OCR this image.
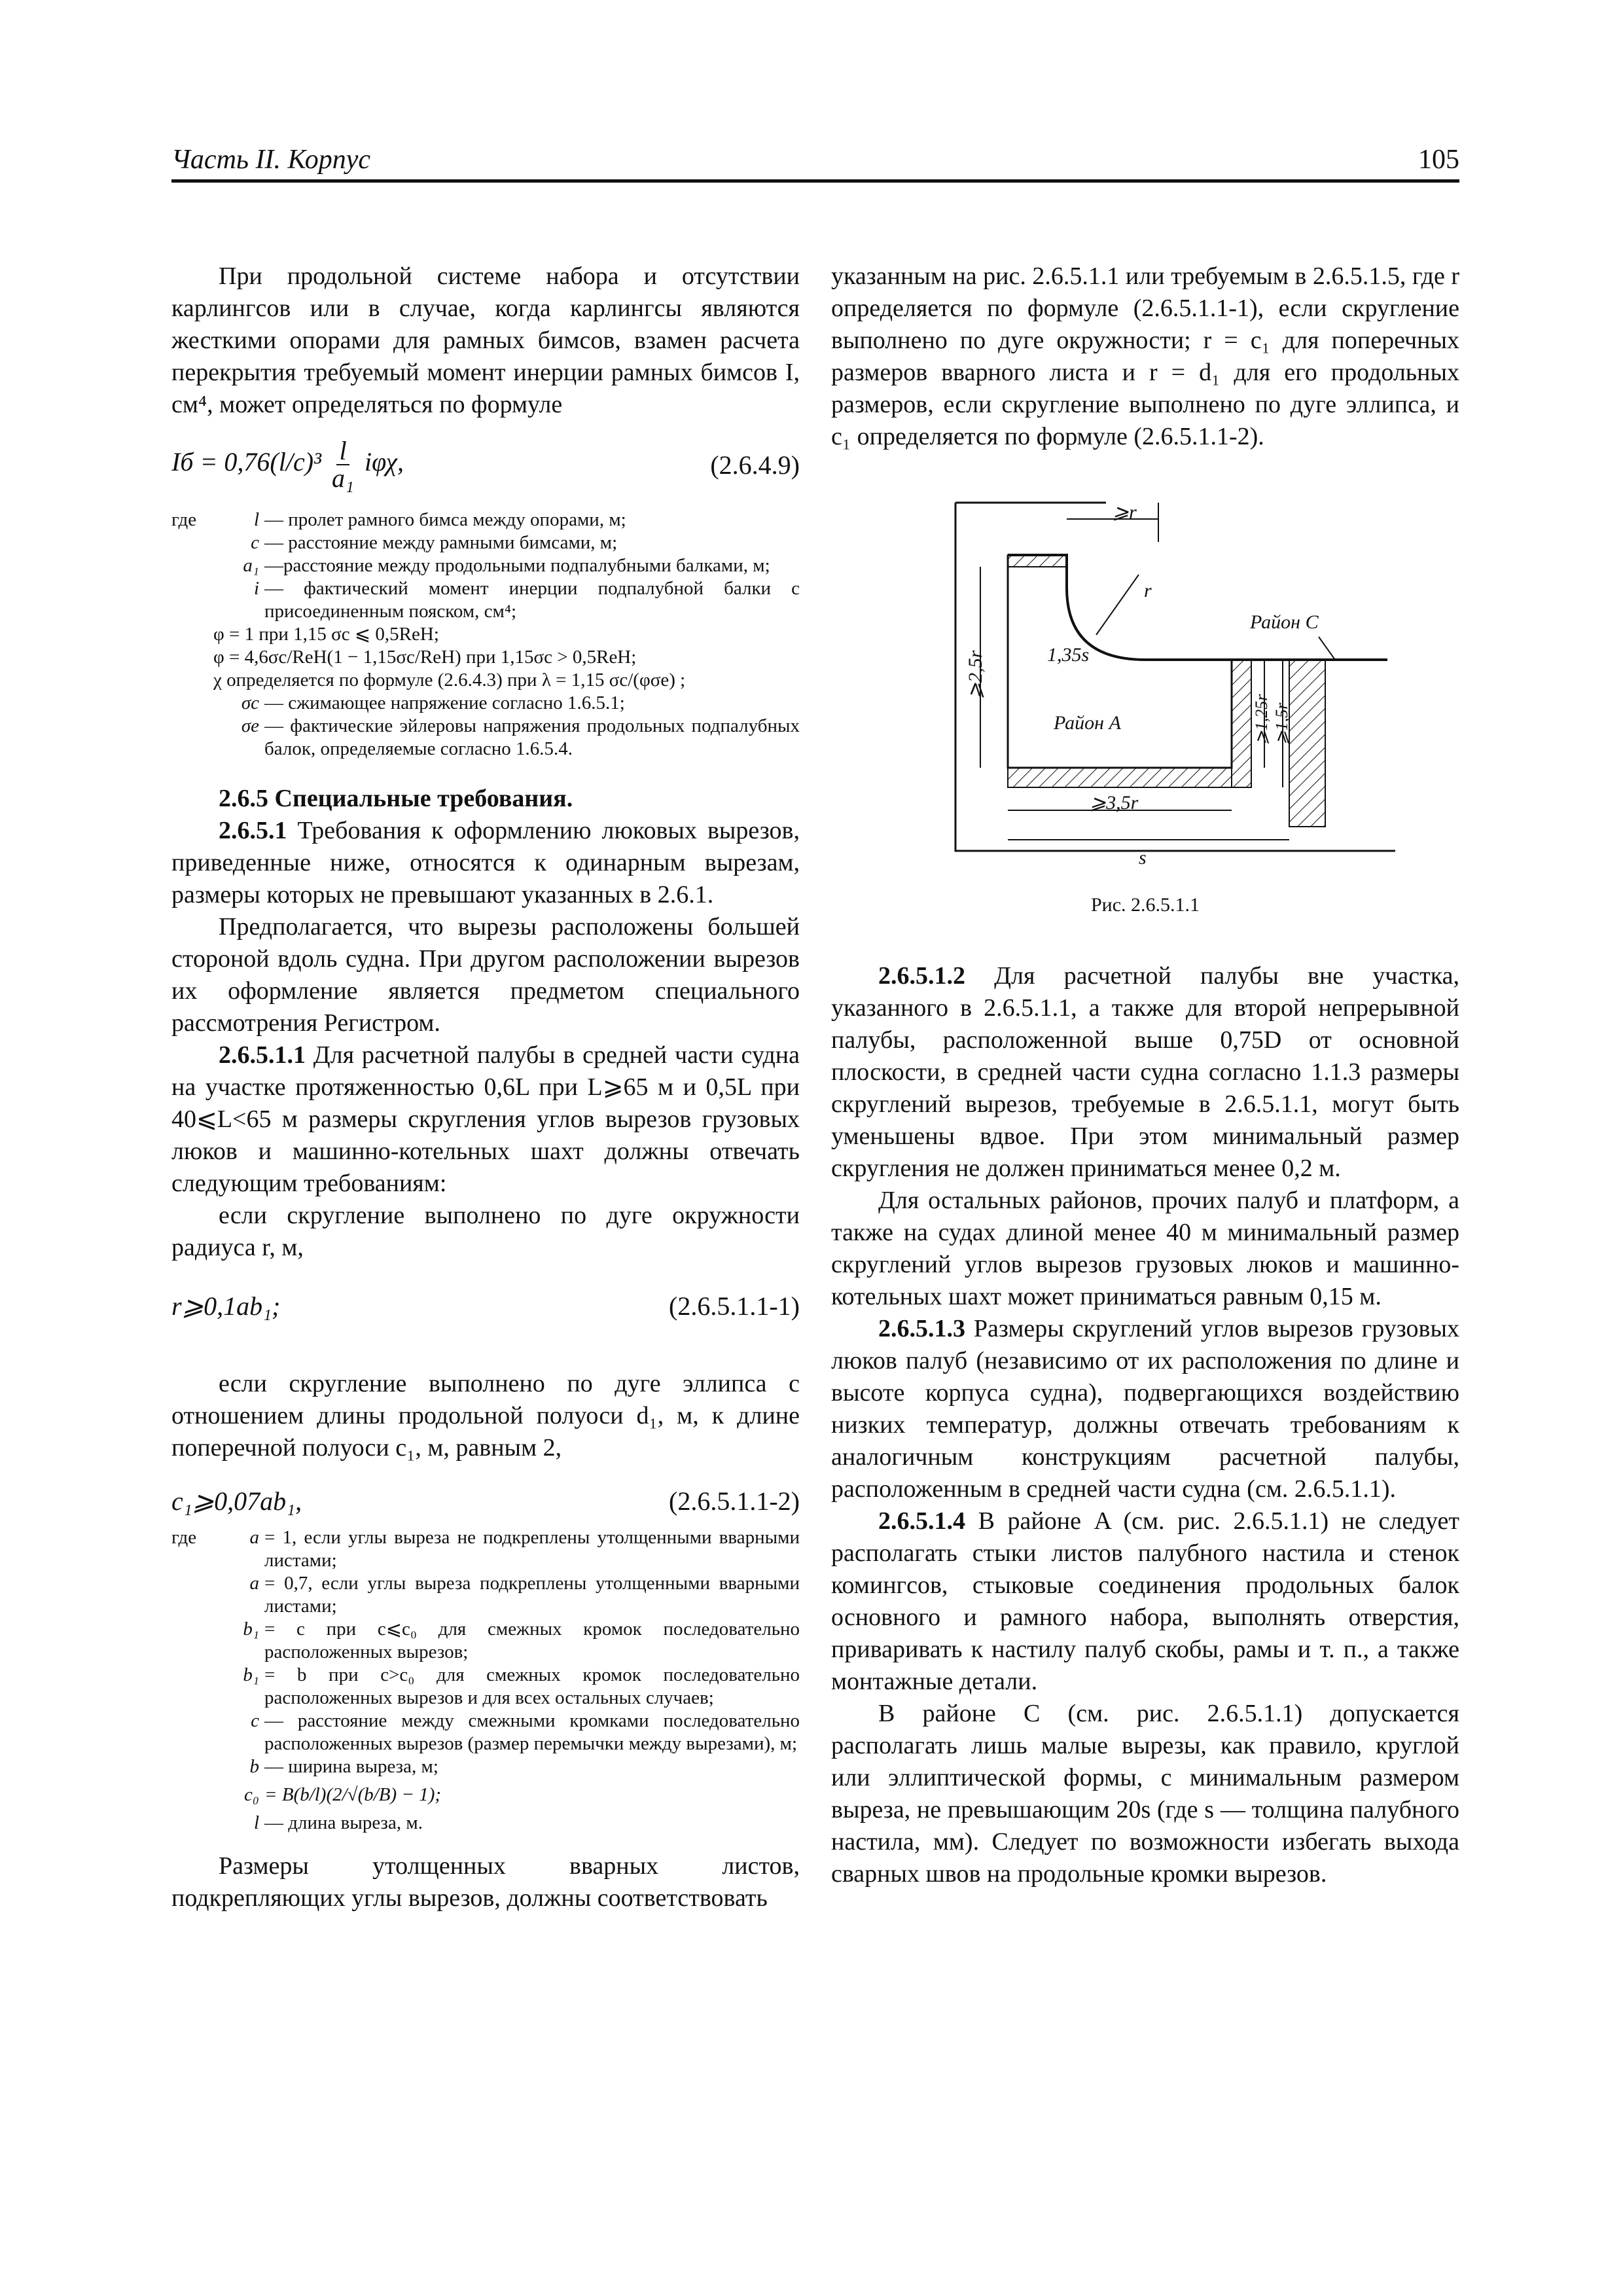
Часть II. Корпус	105

При продольной системе набора и отсутствии карлингсов или в случае, когда карлингсы являются жесткими опорами для рамных бимсов, взамен расчета перекрытия требуемый момент инерции рамных бимсов I, см⁴, может определяться по формуле

Iб = $0,76(l/c)^3 \frac{l}{\text{a₁}} i\varphi\chi$,	(2.6.4.9)
где	l — пролет рамного бимса между опорами, м;
c — расстояние между рамными бимсами, м;
a₁ —расстояние между продольными подпалубными балками, м;
i — фактический момент инерции подпалубной балки с присоединенным пояском, см⁴;
φ = 1 при 1,15 σc ⩽ 0,5ReH;
φ = 4,6σc/ReH(1 − 1,15σc/ReH) при 1,15σc > 0,5ReH;
χ определяется по формуле (2.6.4.3) при λ = 1,15 σc/(φσe) ;
σc — сжимающее напряжение согласно 1.6.5.1;
σe — фактические эйлеровы напряжения продольных подпалубных балок, определяемые согласно 1.6.5.4.

2.6.5 Специальные требования.

2.6.5.1 Требования к оформлению люковых вырезов, приведенные ниже, относятся к одинарным вырезам, размеры которых не превышают указанных в 2.6.1.

Предполагается, что вырезы расположены большей стороной вдоль судна. При другом расположении вырезов их оформление является предметом специального рассмотрения Регистром.

2.6.5.1.1 Для расчетной палубы в средней части судна на участке протяженностью 0,6L при L⩾65 м и 0,5L при 40⩽L<65 м размеры скругления углов вырезов грузовых люков и машинно-котельных шахт должны отвечать следующим требованиям:

если скругление выполнено по дуге окружности радиуса r, м,

r⩾0,1ab₁;	(2.6.5.1.1-1)

если скругление выполнено по дуге эллипса с отношением длины продольной полуоси d₁, м, к длине поперечной полуоси c₁, м, равным 2,

c₁⩾0,07ab₁,	(2.6.5.1.1-2)
где	a = 1, если углы выреза не подкреплены утолщенными вварными листами;
a = 0,7, если углы выреза подкреплены утолщенными вварными листами;
b₁ = c при c⩽c₀ для смежных кромок последовательно расположенных вырезов;
b₁ = b при c>c₀ для смежных кромок последовательно расположенных вырезов и для всех остальных случаев;
c — расстояние между смежными кромками последовательно расположенных вырезов (размер перемычки между вырезами), м;
b — ширина выреза, м;
c₀ = B(b/l)(2/√(b/B) − 1);
l — длина выреза, м.

Размеры утолщенных вварных листов, подкрепляющих углы вырезов, должны соответствовать

указанным на рис. 2.6.5.1.1 или требуемым в 2.6.5.1.5, где r определяется по формуле (2.6.5.1.1-1), если скругление выполнено по дуге окружности; r = c₁ для поперечных размеров вварного листа и r = d₁ для его продольных размеров, если скругление выполнено по дуге эллипса, и c₁ определяется по формуле (2.6.5.1.1-2).

⩾r
r
Район C
1,35s
⩾2,5r
Район A	⩾1,25r ⩾1,5r
⩾3,5r
s

Рис. 2.6.5.1.1

2.6.5.1.2 Для расчетной палубы вне участка, указанного в 2.6.5.1.1, а также для второй непрерывной палубы, расположенной выше 0,75D от основной плоскости, в средней части судна согласно 1.1.3 размеры скруглений вырезов, требуемые в 2.6.5.1.1, могут быть уменьшены вдвое. При этом минимальный размер скругления не должен приниматься менее 0,2 м.

Для остальных районов, прочих палуб и платформ, а также на судах длиной менее 40 м минимальный размер скруглений углов вырезов грузовых люков и машинно-котельных шахт может приниматься равным 0,15 м.

2.6.5.1.3 Размеры скруглений углов вырезов грузовых люков палуб (независимо от их расположения по длине и высоте корпуса судна), подвергающихся воздействию низких температур, должны отвечать требованиям к аналогичным конструкциям расчетной палубы, расположенным в средней части судна (см. 2.6.5.1.1).

2.6.5.1.4 В районе A (см. рис. 2.6.5.1.1) не следует располагать стыки листов палубного настила и стенок комингсов, стыковые соединения продольных балок основного и рамного набора, выполнять отверстия, приваривать к настилу палуб скобы, рамы и т. п., а также монтажные детали.

В районе C (см. рис. 2.6.5.1.1) допускается располагать лишь малые вырезы, как правило, круглой или эллиптической формы, с минимальным размером выреза, не превышающим 20s (где s — толщина палубного настила, мм). Следует по возможности избегать выхода сварных швов на продольные кромки вырезов.
